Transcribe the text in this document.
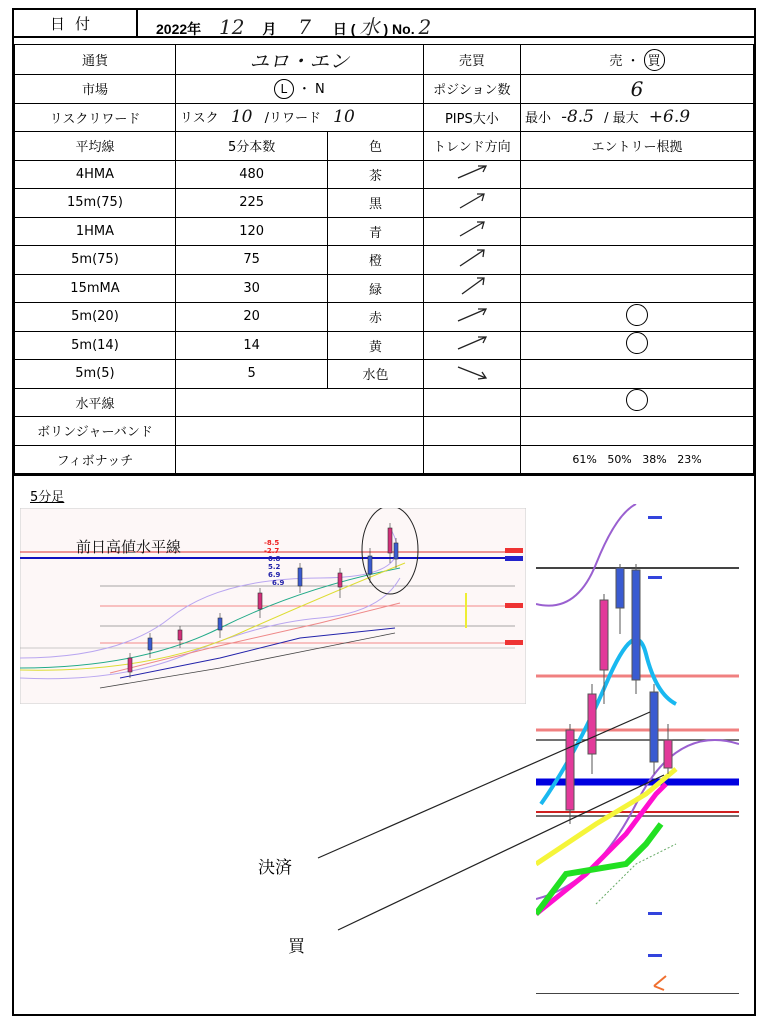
日付	2022年 12 月 7 日 ( 水 ) No. 2
通貨	ユロ・エン		売買	売 ・ 買
市場	L ・ N		ポジション数	6
リスクリワード	リスク 10 /リワード 10		PIPS大小	最小 -8.5 / 最大 +6.9
平均線	5分本数	色	トレンド方向	エントリー根拠
4HMA	480	茶		
15m(75)	225	黒		
1HMA	120	青		
5m(75)	75	橙		
15mMA	30	緑		
5m(20)	20	赤		
5m(14)	14	黄		
5m(5)	5	水色		
水平線				
ボリンジャーバンド				
フィボナッチ				61%   50%   38%   23%
5分足
前日高値水平線	-8.5
-2.7
0.8
5.2
6.9
6.9
決済
買
